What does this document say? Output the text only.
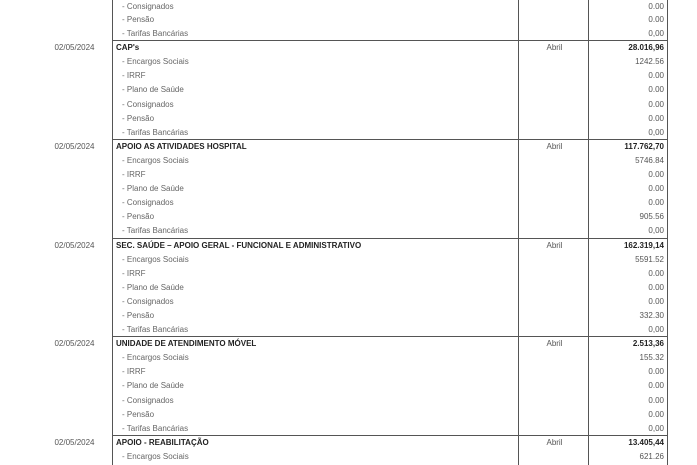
- Consignados	0.00
- Pensão	0.00
- Tarifas Bancárias	0,00
02/05/2024	CAP's	Abril	28.016,96
- Encargos Sociais	1242.56
- IRRF	0.00
- Plano de Saúde	0.00
- Consignados	0.00
- Pensão	0.00
- Tarifas Bancárias	0,00
02/05/2024	APOIO AS ATIVIDADES HOSPITAL	Abril	117.762,70
- Encargos Sociais	5746.84
- IRRF	0.00
- Plano de Saúde	0.00
- Consignados	0.00
- Pensão	905.56
- Tarifas Bancárias	0,00
02/05/2024	SEC. SAÚDE – APOIO GERAL - FUNCIONAL E ADMINISTRATIVO	Abril	162.319,14
- Encargos Sociais	5591.52
- IRRF	0.00
- Plano de Saúde	0.00
- Consignados	0.00
- Pensão	332.30
- Tarifas Bancárias	0,00
02/05/2024	UNIDADE DE ATENDIMENTO MÓVEL	Abril	2.513,36
- Encargos Sociais	155.32
- IRRF	0.00
- Plano de Saúde	0.00
- Consignados	0.00
- Pensão	0.00
- Tarifas Bancárias	0,00
02/05/2024	APOIO - REABILITAÇÃO	Abril	13.405,44
- Encargos Sociais	621.26
